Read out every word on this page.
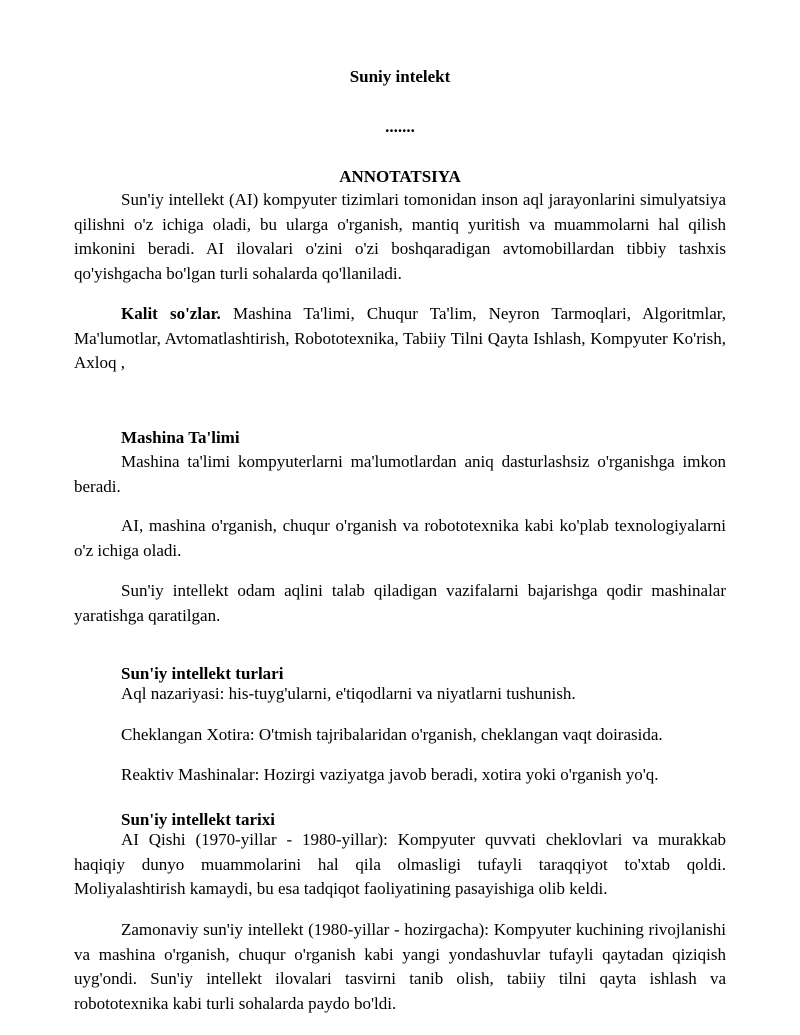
Suniy intelekt
.......
ANNOTATSIYA

Sun'iy intellekt (AI) kompyuter tizimlari tomonidan inson aql jarayonlarini simulyatsiya qilishni o'z ichiga oladi, bu ularga o'rganish, mantiq yuritish va muammolarni hal qilish imkonini beradi. AI ilovalari o'zini o'zi boshqaradigan avtomobillardan tibbiy tashxis qo'yishgacha bo'lgan turli sohalarda qo'llaniladi.

Kalit so'zlar. Mashina Ta'limi, Chuqur Ta'lim, Neyron Tarmoqlari, Algoritmlar, Ma'lumotlar, Avtomatlashtirish, Robototexnika, Tabiiy Tilni Qayta Ishlash, Kompyuter Ko'rish, Axloq ,

Mashina Ta'limi

Mashina ta'limi kompyuterlarni ma'lumotlardan aniq dasturlashsiz o'rganishga imkon beradi.

AI, mashina o'rganish, chuqur o'rganish va robototexnika kabi ko'plab texnologiyalarni o'z ichiga oladi.

Sun'iy intellekt odam aqlini talab qiladigan vazifalarni bajarishga qodir mashinalar yaratishga qaratilgan.

Sun'iy intellekt turlari

Aql nazariyasi: his-tuyg'ularni, e'tiqodlarni va niyatlarni tushunish.

Cheklangan Xotira: O'tmish tajribalaridan o'rganish, cheklangan vaqt doirasida.

Reaktiv Mashinalar: Hozirgi vaziyatga javob beradi, xotira yoki o'rganish yo'q.

Sun'iy intellekt tarixi

AI Qishi (1970-yillar - 1980-yillar): Kompyuter quvvati cheklovlari va murakkab haqiqiy dunyo muammolarini hal qila olmasligi tufayli taraqqiyot to'xtab qoldi. Moliyalashtirish kamaydi, bu esa tadqiqot faoliyatining pasayishiga olib keldi.

Zamonaviy sun'iy intellekt (1980-yillar - hozirgacha): Kompyuter kuchining rivojlanishi va mashina o'rganish, chuqur o'rganish kabi yangi yondashuvlar tufayli qaytadan qiziqish uyg'ondi. Sun'iy intellekt ilovalari tasvirni tanib olish, tabiiy tilni qayta ishlash va robototexnika kabi turli sohalarda paydo bo'ldi.
